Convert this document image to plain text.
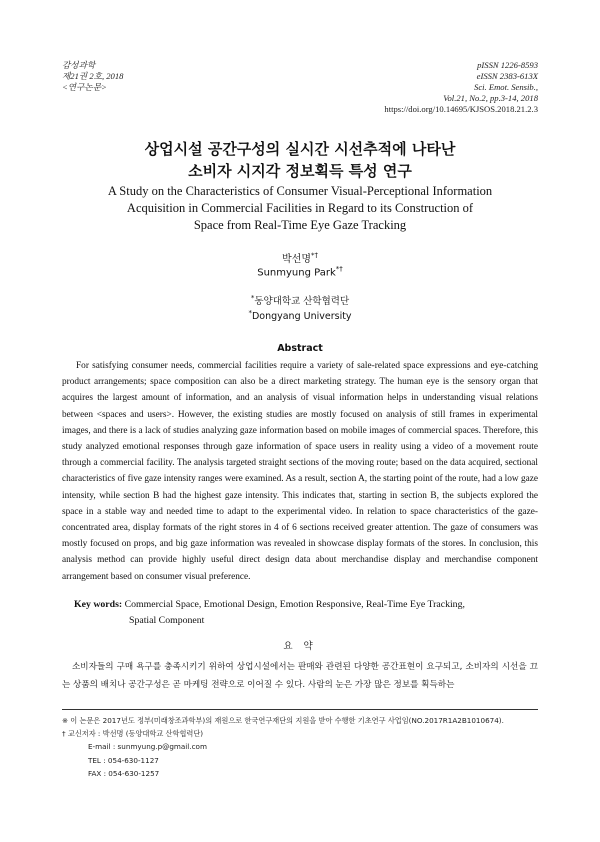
감성과학
제21권 2호, 2018
<연구논문>
pISSN 1226-8593
eISSN 2383-613X
Sci. Emot. Sensib.,
Vol.21, No.2, pp.3-14, 2018
https://doi.org/10.14695/KJSOS.2018.21.2.3
상업시설 공간구성의 실시간 시선추적에 나타난
소비자 시지각 정보획득 특성 연구
A Study on the Characteristics of Consumer Visual-Perceptional Information
Acquisition in Commercial Facilities in Regard to its Construction of
Space from Real-Time Eye Gaze Tracking
박선명*†
Sunmyung Park*†
*동양대학교 산학협력단
*Dongyang University
Abstract

For satisfying consumer needs, commercial facilities require a variety of sale-related space expressions and eye-catching product arrangements; space composition can also be a direct marketing strategy. The human eye is the sensory organ that acquires the largest amount of information, and an analysis of visual information helps in understanding visual relations between <spaces and users>. However, the existing studies are mostly focused on analysis of still frames in experimental images, and there is a lack of studies analyzing gaze information based on mobile images of commercial spaces. Therefore, this study analyzed emotional responses through gaze information of space users in reality using a video of a movement route through a commercial facility. The analysis targeted straight sections of the moving route; based on the data acquired, sectional characteristics of five gaze intensity ranges were examined. As a result, section A, the starting point of the route, had a low gaze intensity, while section B had the highest gaze intensity. This indicates that, starting in section B, the subjects explored the space in a stable way and needed time to adapt to the experimental video. In relation to space characteristics of the gaze-concentrated area, display formats of the right stores in 4 of 6 sections received greater attention. The gaze of consumers was mostly focused on props, and big gaze information was revealed in showcase display formats of the stores. In conclusion, this analysis method can provide highly useful direct design data about merchandise display and merchandise component arrangement based on consumer visual preference.

Key words: Commercial Space, Emotional Design, Emotion Responsive, Real-Time Eye Tracking,
Spatial Component
요 약

소비자들의 구매 욕구를 충족시키기 위하여 상업시설에서는 판매와 관련된 다양한 공간표현이 요구되고, 소비자의 시선을 끄는 상품의 배치나 공간구성은 곧 마케팅 전략으로 이어질 수 있다. 사람의 눈은 가장 많은 정보를 획득하는

※ 이 논문은 2017년도 정부(미래창조과학부)의 재원으로 한국연구재단의 지원을 받아 수행한 기초연구 사업임(NO.2017R1A2B1010674).
† 교신저자 : 박선명 (동양대학교 산학협력단)
E-mail : sunmyung.p@gmail.com
TEL : 054-630-1127
FAX : 054-630-1257
